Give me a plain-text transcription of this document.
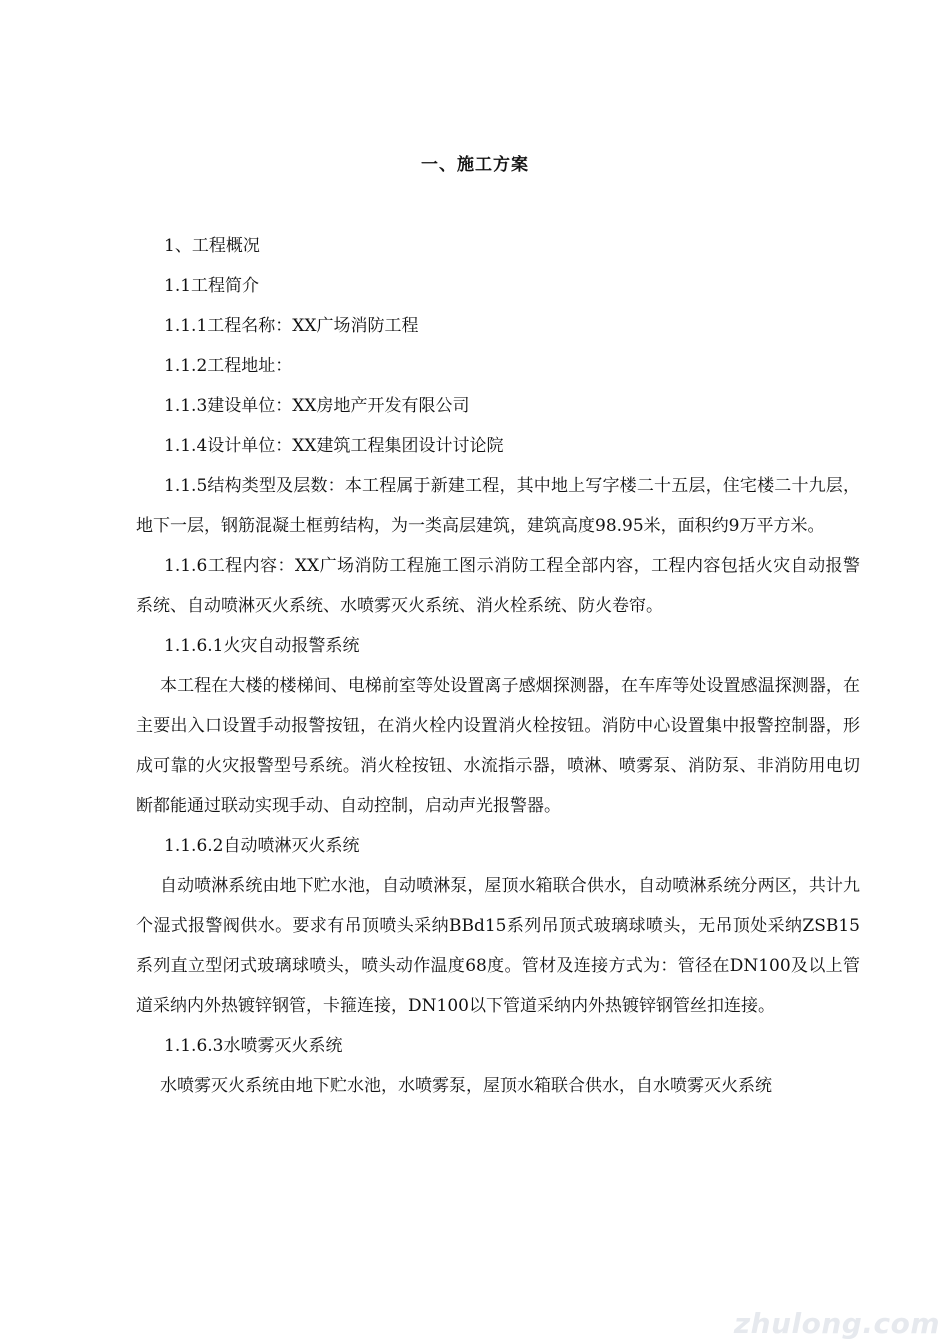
一、施工方案

1、工程概况

1.1工程简介

1.1.1工程名称：XX广场消防工程

1.1.2工程地址：

1.1.3建设单位：XX房地产开发有限公司

1.1.4设计单位：XX建筑工程集团设计讨论院

1.1.5结构类型及层数：本工程属于新建工程，其中地上写字楼二十五层，住宅楼二十九层，地下一层，钢筋混凝土框剪结构，为一类高层建筑，建筑高度98.95米，面积约9万平方米。

1.1.6工程内容：XX广场消防工程施工图示消防工程全部内容，工程内容包括火灾自动报警系统、自动喷淋灭火系统、水喷雾灭火系统、消火栓系统、防火卷帘。

1.1.6.1火灾自动报警系统

本工程在大楼的楼梯间、电梯前室等处设置离子感烟探测器，在车库等处设置感温探测器，在主要出入口设置手动报警按钮，在消火栓内设置消火栓按钮。消防中心设置集中报警控制器，形成可靠的火灾报警型号系统。消火栓按钮、水流指示器，喷淋、喷雾泵、消防泵、非消防用电切断都能通过联动实现手动、自动控制，启动声光报警器。

1.1.6.2自动喷淋灭火系统

自动喷淋系统由地下贮水池，自动喷淋泵，屋顶水箱联合供水，自动喷淋系统分两区，共计九个湿式报警阀供水。要求有吊顶喷头采纳BBd15系列吊顶式玻璃球喷头，无吊顶处采纳ZSB15系列直立型闭式玻璃球喷头，喷头动作温度68度。管材及连接方式为：管径在DN100及以上管道采纳内外热镀锌钢管，卡箍连接，DN100以下管道采纳内外热镀锌钢管丝扣连接。

1.1.6.3水喷雾灭火系统

水喷雾灭火系统由地下贮水池，水喷雾泵，屋顶水箱联合供水，自水喷雾灭火系统

zhulong.com
